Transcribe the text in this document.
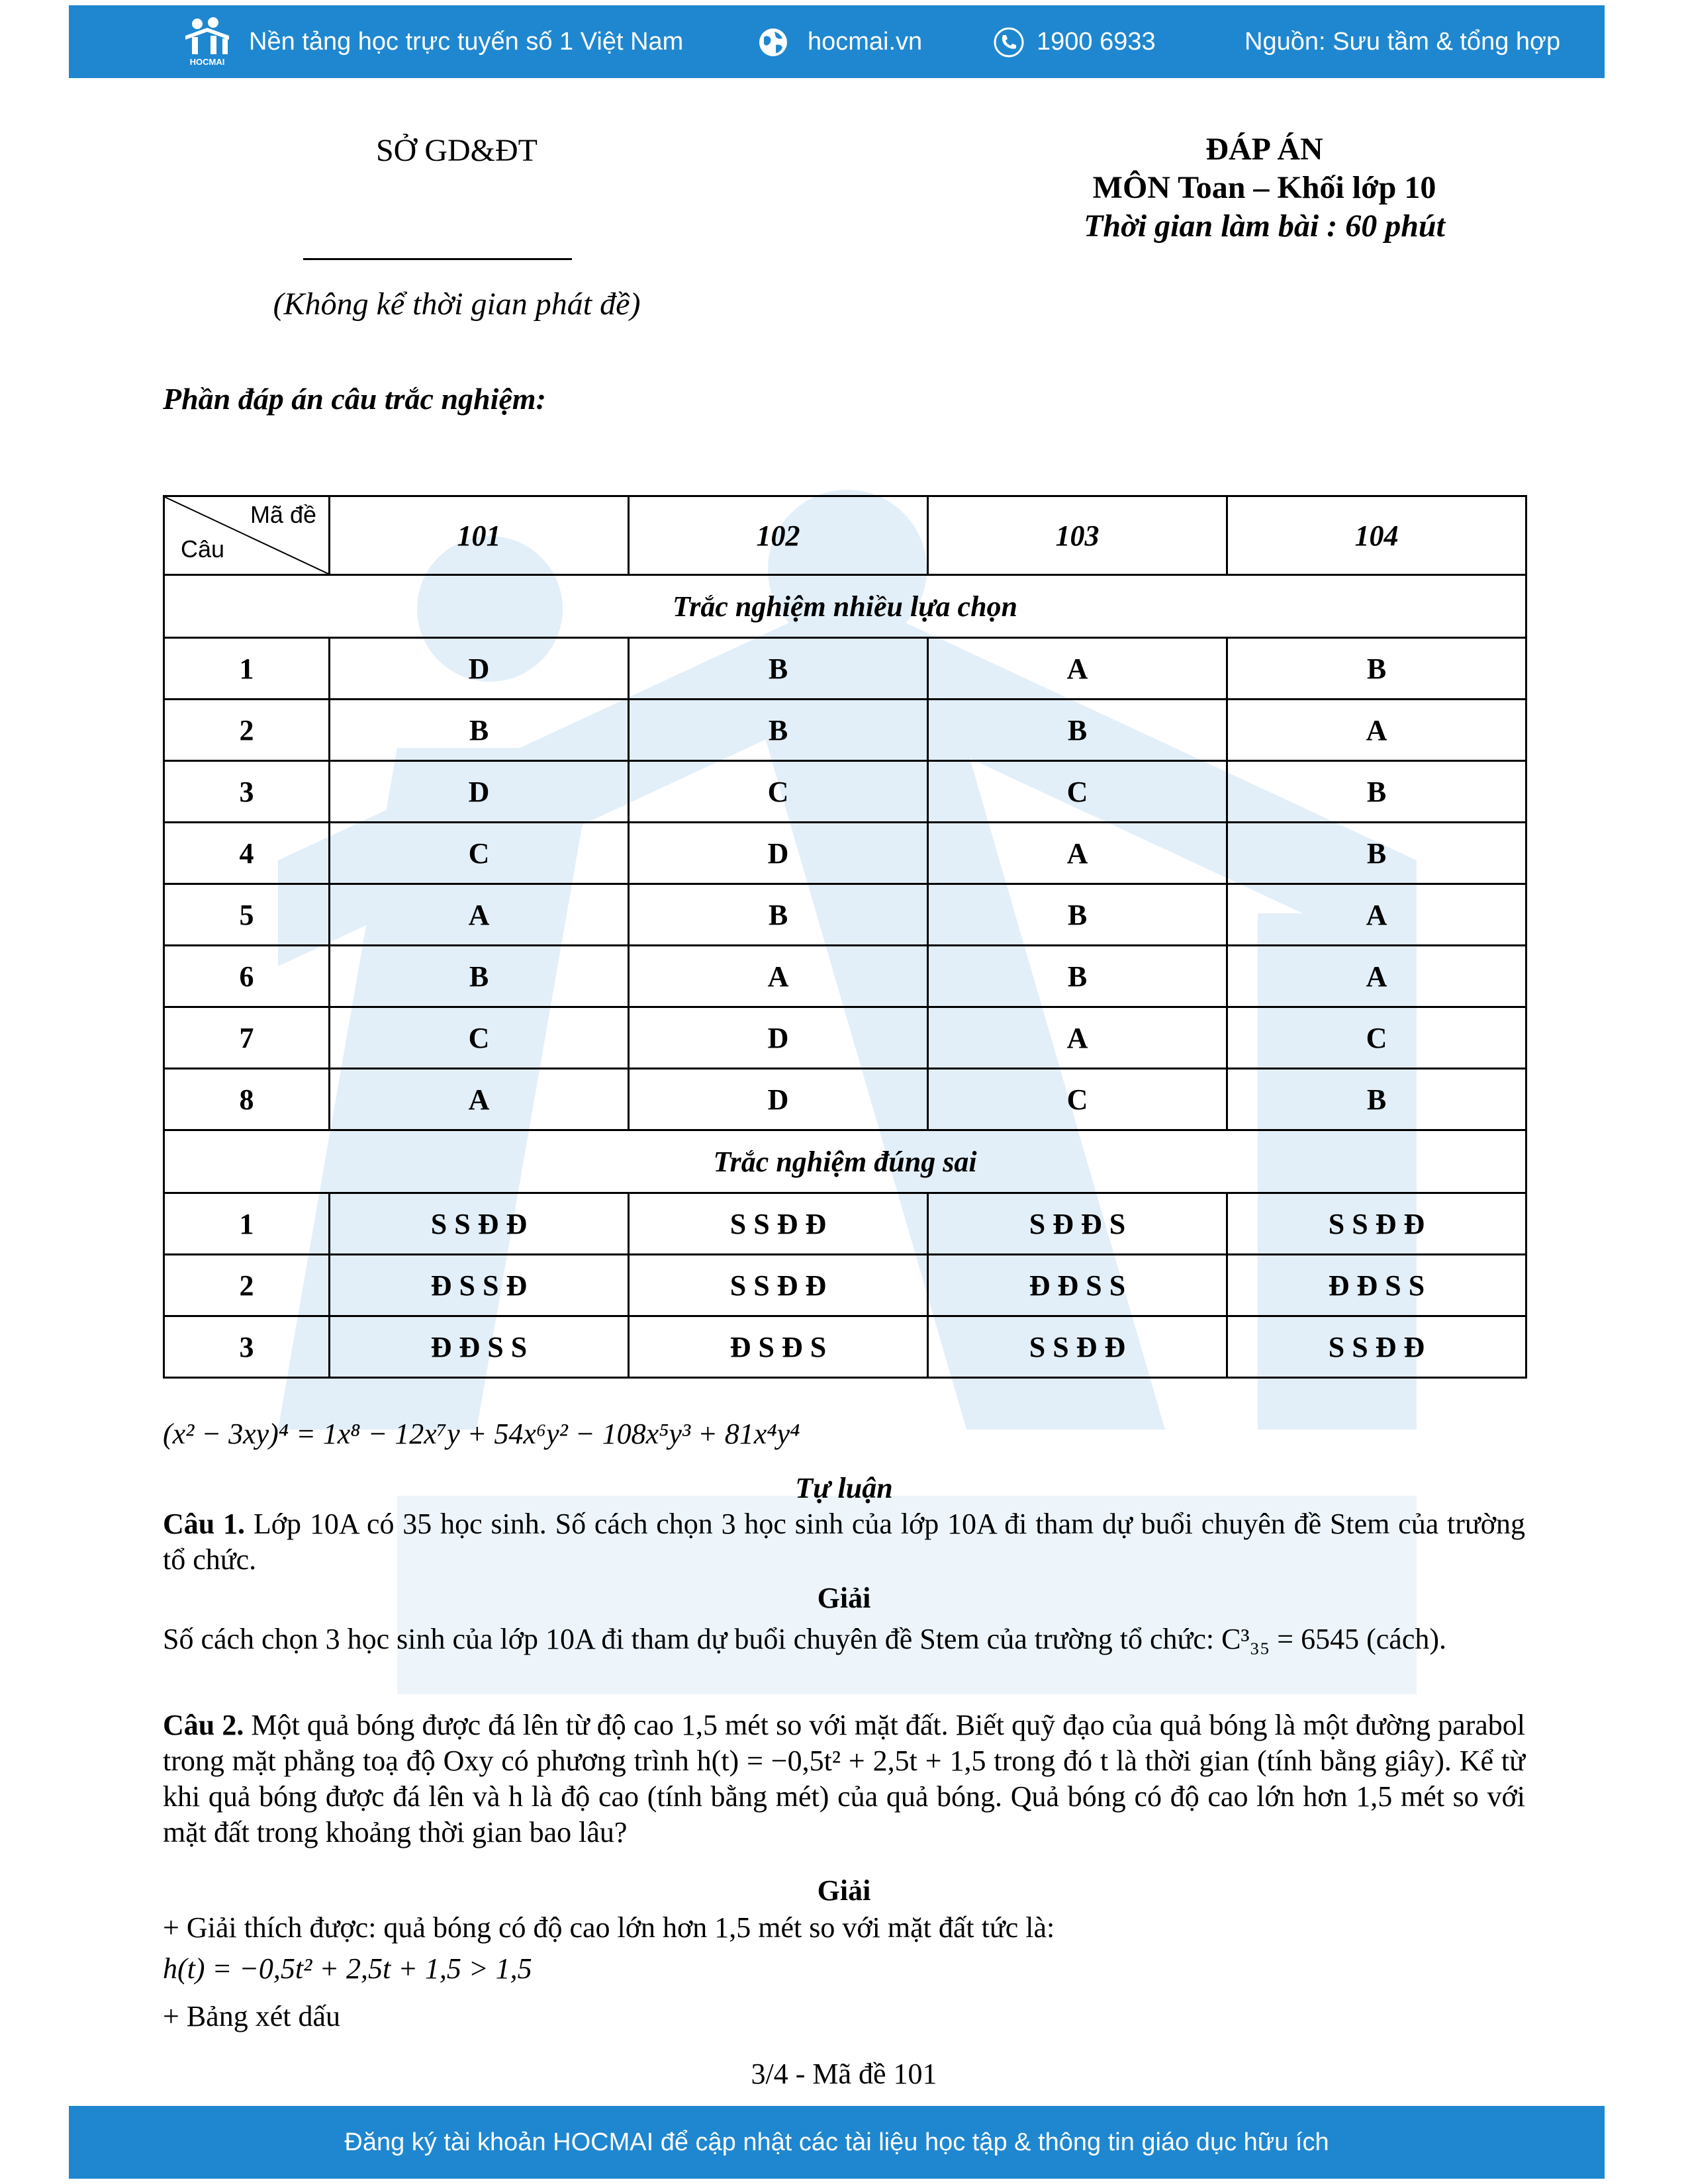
HOCMAI
Nền tảng học trực tuyến số 1 Việt Nam	hocmai.vn	1900 6933	Nguồn: Sưu tầm & tổng hợp
SỞ GD&ĐT
(Không kể thời gian phát đề)
ĐÁP ÁN
MÔN Toan – Khối lớp 10
Thời gian làm bài : 60 phút
Phần đáp án câu trắc nghiệm:
Mã đề
Câu	101	102	103	104
Trắc nghiệm nhiều lựa chọn				
1	D	B	A	B
2	B	B	B	A
3	D	C	C	B
4	C	D	A	B
5	A	B	B	A
6	B	A	B	A
7	C	D	A	C
8	A	D	C	B
Trắc nghiệm đúng sai				
1	S S Đ Đ	S S Đ Đ	S Đ Đ S	S S Đ Đ
2	Đ S S Đ	S S Đ Đ	Đ Đ S S	Đ Đ S S
3	Đ Đ S S	Đ S Đ S	S S Đ Đ	S S Đ Đ
(x² − 3xy)⁴ = 1x⁸ − 12x⁷y + 54x⁶y² − 108x⁵y³ + 81x⁴y⁴
Tự luận
Câu 1. Lớp 10A có 35 học sinh. Số cách chọn 3 học sinh của lớp 10A đi tham dự buổi chuyên đề Stem của trường tổ chức.
Giải
Số cách chọn 3 học sinh của lớp 10A đi tham dự buổi chuyên đề Stem của trường tổ chức: C³₃₅ = 6545 (cách).
Câu 2. Một quả bóng được đá lên từ độ cao 1,5 mét so với mặt đất. Biết quỹ đạo của quả bóng là một đường parabol trong mặt phẳng toạ độ Oxy có phương trình h(t) = −0,5t² + 2,5t + 1,5 trong đó t là thời gian (tính bằng giây). Kể từ khi quả bóng được đá lên và h là độ cao (tính bằng mét) của quả bóng. Quả bóng có độ cao lớn hơn 1,5 mét so với mặt đất trong khoảng thời gian bao lâu?
Giải
+ Giải thích được: quả bóng có độ cao lớn hơn 1,5 mét so với mặt đất tức là:
h(t) = −0,5t² + 2,5t + 1,5 > 1,5
+ Bảng xét dấu
3/4 - Mã đề 101
Đăng ký tài khoản HOCMAI để cập nhật các tài liệu học tập & thông tin giáo dục hữu ích
